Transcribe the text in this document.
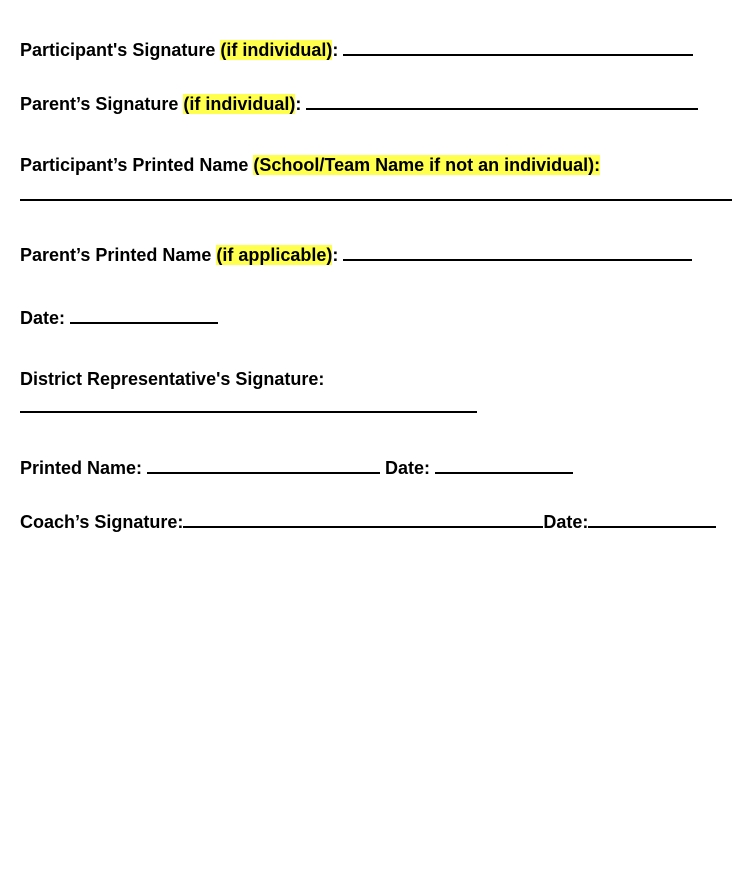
Participant's Signature (if individual):
Parent’s Signature (if individual):
Participant’s Printed Name (School/Team Name if not an individual):
Parent’s Printed Name (if applicable):
Date:
District Representative's Signature:
Printed Name:	Date:
Coach’s Signature:	Date:
